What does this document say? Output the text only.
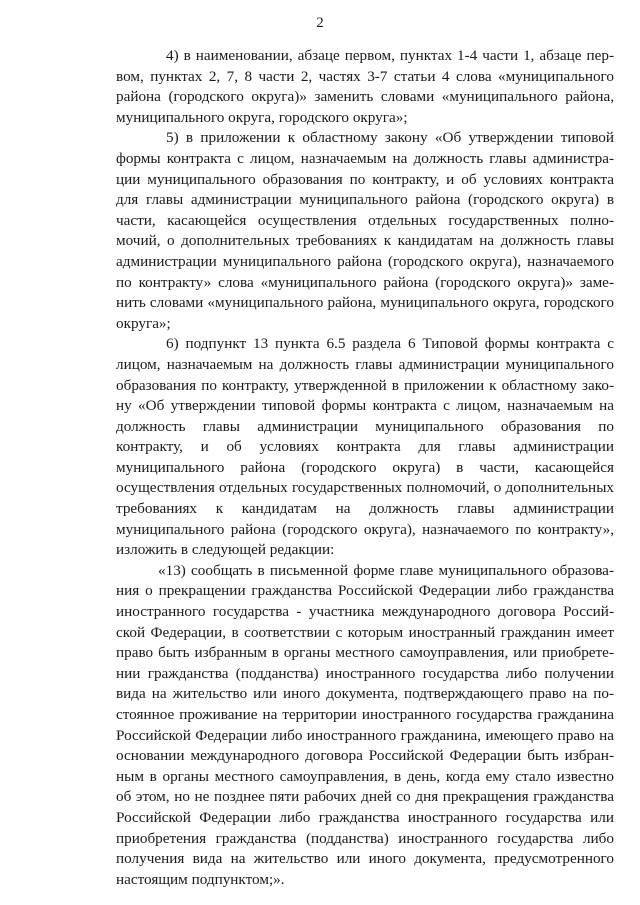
2

4) в наименовании, абзаце первом, пунктах 1-4 части 1, абзаце первом, пунктах 2, 7, 8 части 2, частях 3-7 статьи 4 слова «муниципального района (городского округа)» заменить словами «муниципального района, муниципального округа, городского округа»;

5) в приложении к областному закону «Об утверждении типовой формы контракта с лицом, назначаемым на должность главы администрации муниципального образования по контракту, и об условиях контракта для главы администрации муниципального района (городского округа) в части, касающейся осуществления отдельных государственных полномочий, о дополнительных требованиях к кандидатам на должность главы администрации муниципального района (городского округа), назначаемого по контракту» слова «муниципального района (городского округа)» заменить словами «муниципального района, муниципального округа, городского округа»;

6) подпункт 13 пункта 6.5 раздела 6 Типовой формы контракта с лицом, назначаемым на должность главы администрации муниципального образования по контракту, утвержденной в приложении к областному закону «Об утверждении типовой формы контракта с лицом, назначаемым на должность главы администрации муниципального образования по контракту, и об условиях контракта для главы администрации муниципального района (городского округа) в части, касающейся осуществления отдельных государственных полномочий, о дополнительных требованиях к кандидатам на должность главы администрации муниципального района (городского округа), назначаемого по контракту», изложить в следующей редакции:

«13) сообщать в письменной форме главе муниципального образования о прекращении гражданства Российской Федерации либо гражданства иностранного государства - участника международного договора Российской Федерации, в соответствии с которым иностранный гражданин имеет право быть избранным в органы местного самоуправления, или приобретении гражданства (подданства) иностранного государства либо получении вида на жительство или иного документа, подтверждающего право на постоянное проживание на территории иностранного государства гражданина Российской Федерации либо иностранного гражданина, имеющего право на основании международного договора Российской Федерации быть избранным в органы местного самоуправления, в день, когда ему стало известно об этом, но не позднее пяти рабочих дней со дня прекращения гражданства Российской Федерации либо гражданства иностранного государства или приобретения гражданства (подданства) иностранного государства либо получения вида на жительство или иного документа, предусмотренного настоящим подпунктом;».
